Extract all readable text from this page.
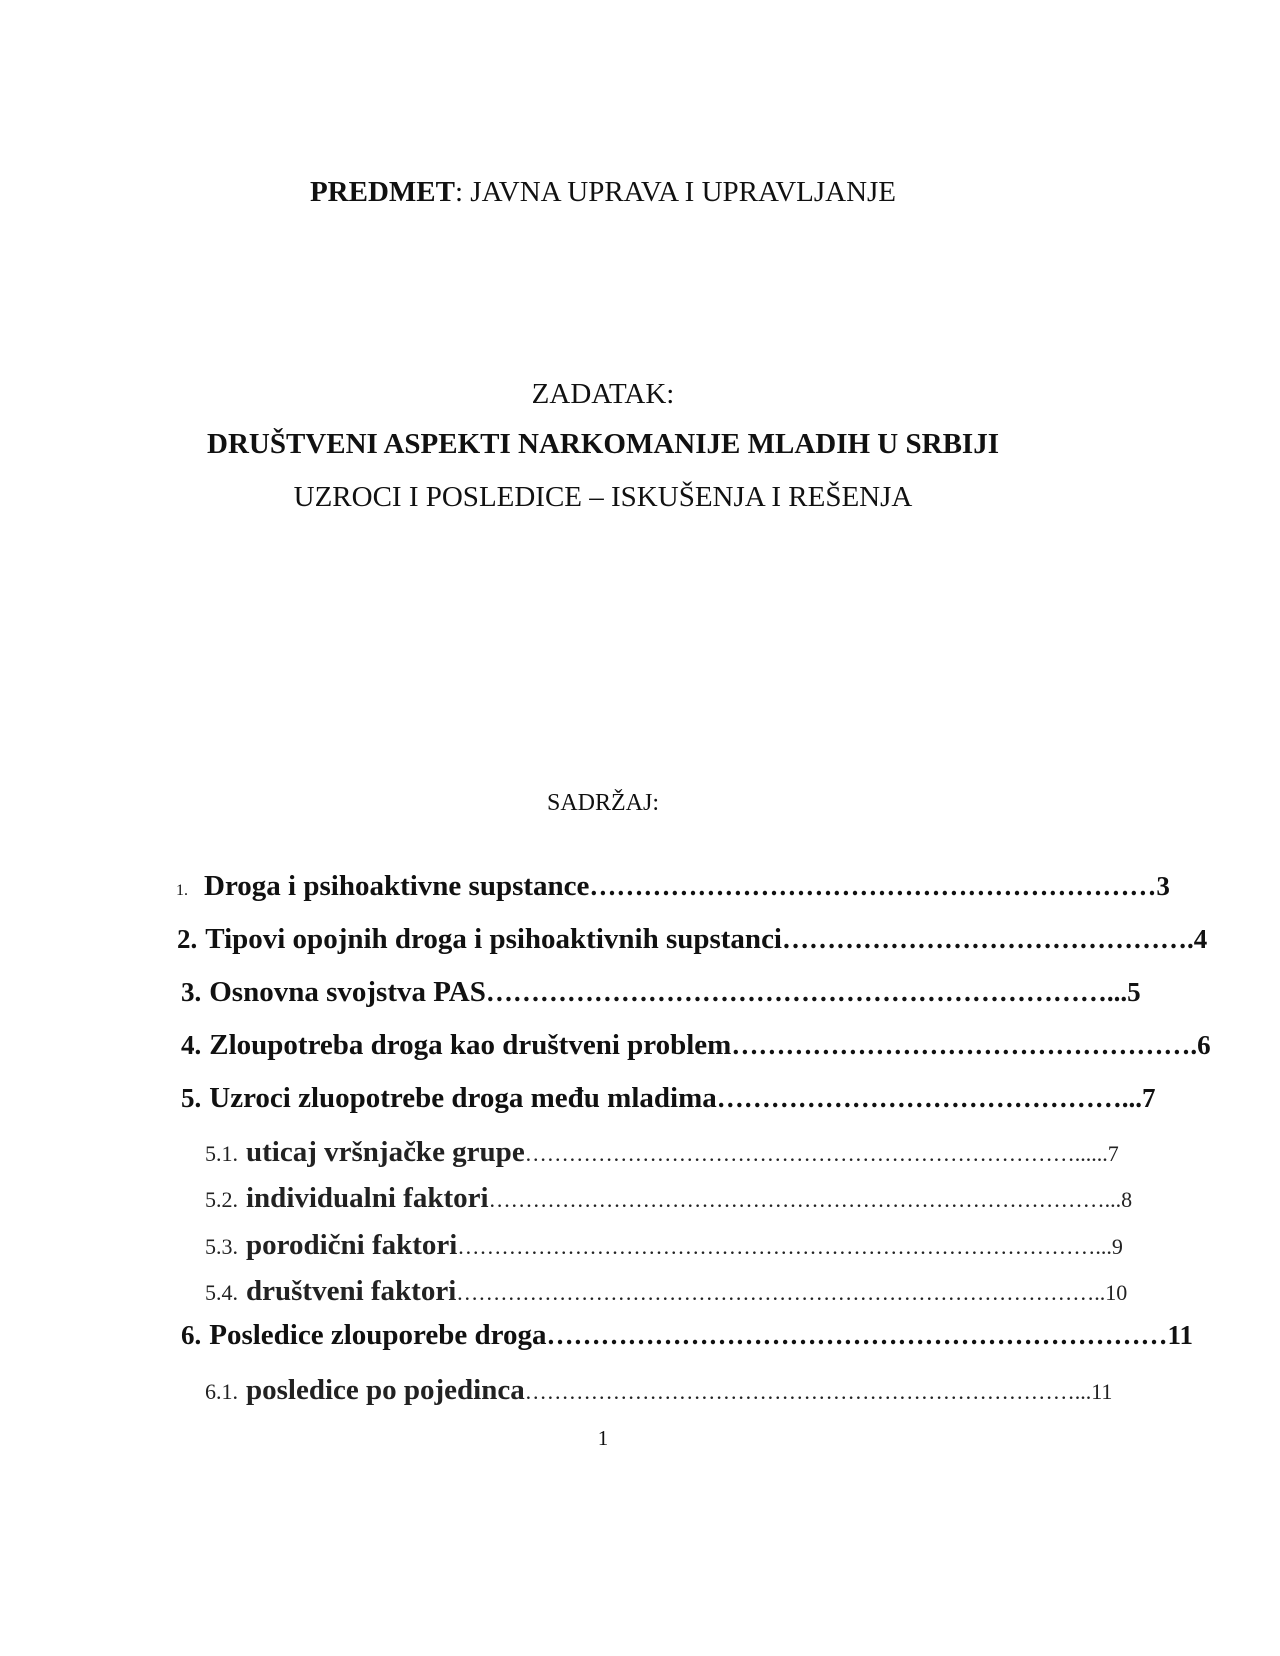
PREDMET: JAVNA UPRAVA I UPRAVLJANJE
ZADATAK:
DRUŠTVENI ASPEKTI NARKOMANIJE MLADIH U SRBIJI
UZROCI I POSLEDICE – ISKUŠENJA I REŠENJA
SADRŽAJ:
1. Droga i psihoaktivne supstance ……………………………………………………… 3
2. Tipovi opojnih droga i psihoaktivnih supstanci ………………………………………. 4
3. Osnovna svojstva PAS ……………………………………………………………... 5
4. Zloupotreba droga kao društveni problem ……………………………………………. 6
5. Uzroci zluopotrebe droga među mladima ………………………………………... 7
5.1. uticaj vršnjačke grupe …………………………………………………………………...... 7
5.2. individualni faktori …………………………………………………………………………... 8
5.3. porodični faktori ……………………………………………………………………………... 9
5.4. društveni faktori …………………………………………………………………………….. 10
6. Posledice zlouporebe droga …………………………………………………………… 11
6.1. posledice po pojedinca …………………………………………………………………... 11
1
